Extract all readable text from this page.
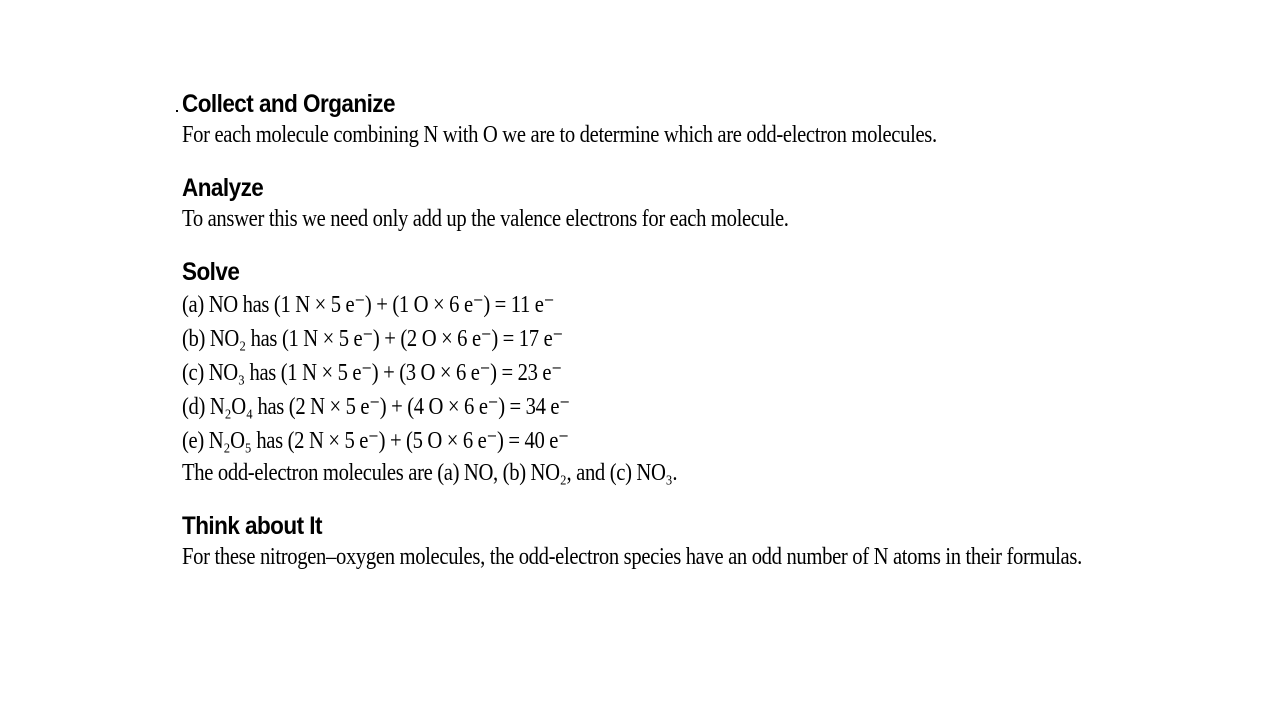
Collect and Organize
For each molecule combining N with O we are to determine which are odd-electron molecules.
Analyze
To answer this we need only add up the valence electrons for each molecule.
Solve
(a) NO has (1 N × 5 e⁻) + (1 O × 6 e⁻) = 11 e⁻
(b) NO₂ has (1 N × 5 e⁻) + (2 O × 6 e⁻) = 17 e⁻
(c) NO₃ has (1 N × 5 e⁻) + (3 O × 6 e⁻) = 23 e⁻
(d) N₂O₄ has (2 N × 5 e⁻) + (4 O × 6 e⁻) = 34 e⁻
(e) N₂O₅ has (2 N × 5 e⁻) + (5 O × 6 e⁻) = 40 e⁻
The odd-electron molecules are (a) NO, (b) NO₂, and (c) NO₃.
Think about It
For these nitrogen–oxygen molecules, the odd-electron species have an odd number of N atoms in their formulas.
